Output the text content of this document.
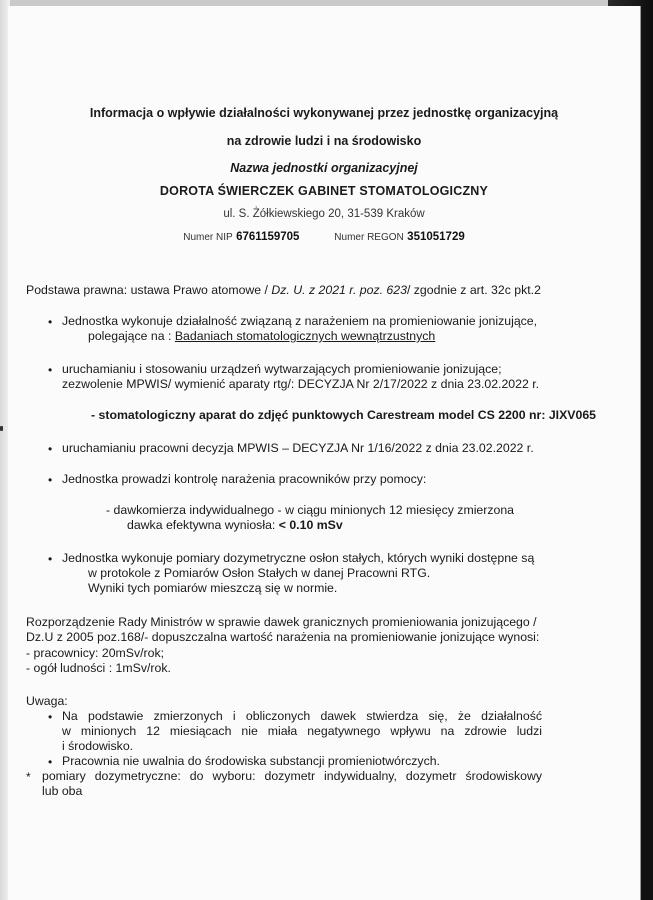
Informacja o wpływie działalności wykonywanej przez jednostkę organizacyjną
na zdrowie ludzi i na środowisko
Nazwa jednostki organizacyjnej
DOROTA ŚWIERCZEK GABINET STOMATOLOGICZNY
ul. S. Żółkiewskiego 20, 31-539 Kraków
Numer NIP 6761159705	Numer REGON 351051729
Podstawa prawna: ustawa Prawo atomowe / Dz. U. z 2021 r. poz. 623/ zgodnie z art. 32c pkt.2
• Jednostka wykonuje działalność związaną z narażeniem na promieniowanie jonizujące,
polegające na : Badaniach stomatologicznych wewnątrzustnych
• uruchamianiu i stosowaniu urządzeń wytwarzających promieniowanie jonizujące;
zezwolenie MPWIS/ wymienić aparaty rtg/: DECYZJA Nr 2/17/2022 z dnia 23.02.2022 r.
- stomatologiczny aparat do zdjęć punktowych Carestream model CS 2200 nr: JIXV065
• uruchamianiu pracowni decyzja MPWIS – DECYZJA Nr 1/16/2022 z dnia 23.02.2022 r.
• Jednostka prowadzi kontrolę narażenia pracowników przy pomocy:
- dawkomierza indywidualnego - w ciągu minionych 12 miesięcy zmierzona
dawka efektywna wyniosła: < 0.10 mSv
• Jednostka wykonuje pomiary dozymetryczne osłon stałych, których wyniki dostępne są
w protokole z Pomiarów Osłon Stałych w danej Pracowni RTG.
Wyniki tych pomiarów mieszczą się w normie.
Rozporządzenie Rady Ministrów w sprawie dawek granicznych promieniowania jonizującego /
Dz.U z 2005 poz.168/- dopuszczalna wartość narażenia na promieniowanie jonizujące wynosi:
- pracownicy: 20mSv/rok;
- ogół ludności : 1mSv/rok.
Uwaga:
• Na podstawie zmierzonych i obliczonych dawek stwierdza się, że działalność
w minionych 12 miesiącach nie miała negatywnego wpływu na zdrowie ludzi
i środowisko.
• Pracownia nie uwalnia do środowiska substancji promieniotwórczych.
* pomiary dozymetryczne: do wyboru: dozymetr indywidualny, dozymetr środowiskowy
lub oba
